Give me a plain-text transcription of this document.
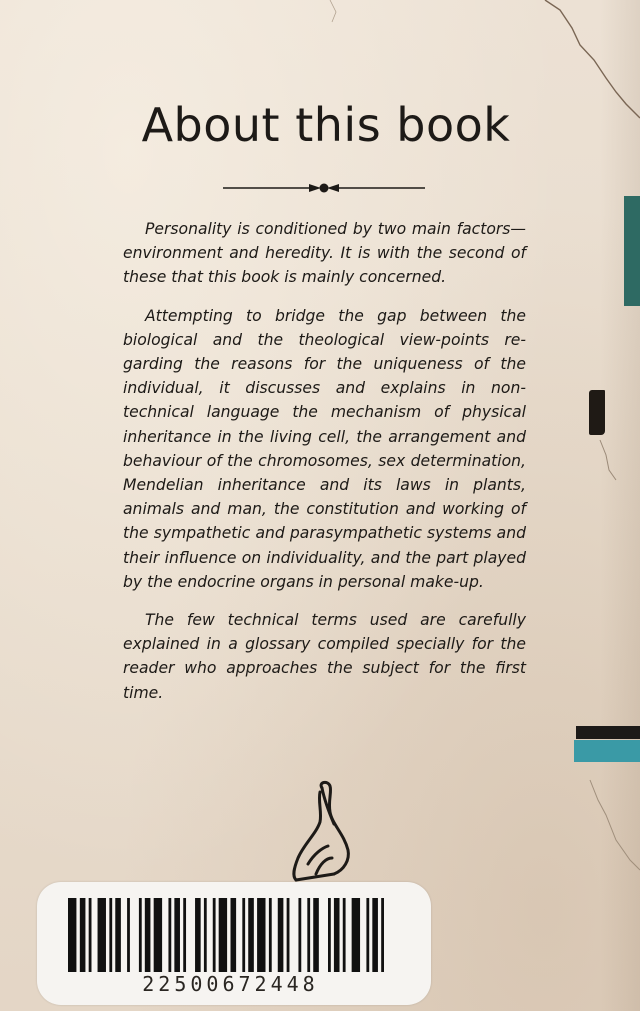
About this book

Personality is conditioned by two main factors—environment and heredity. It is with the second of these that this book is mainly concerned.

Attempting to bridge the gap between the biological and the theological view-points regarding the reasons for the uniqueness of the individual, it discusses and explains in non-technical language the mechanism of physical inheritance in the living cell, the arrangement and behaviour of the chromosomes, sex determination, Mendelian inheritance and its laws in plants, animals and man, the constitution and working of the sympathetic and parasympathetic systems and their influence on individuality, and the part played by the endocrine organs in personal make-up.

The few technical terms used are carefully explained in a glossary compiled specially for the reader who approaches the subject for the first time.

22500672448
